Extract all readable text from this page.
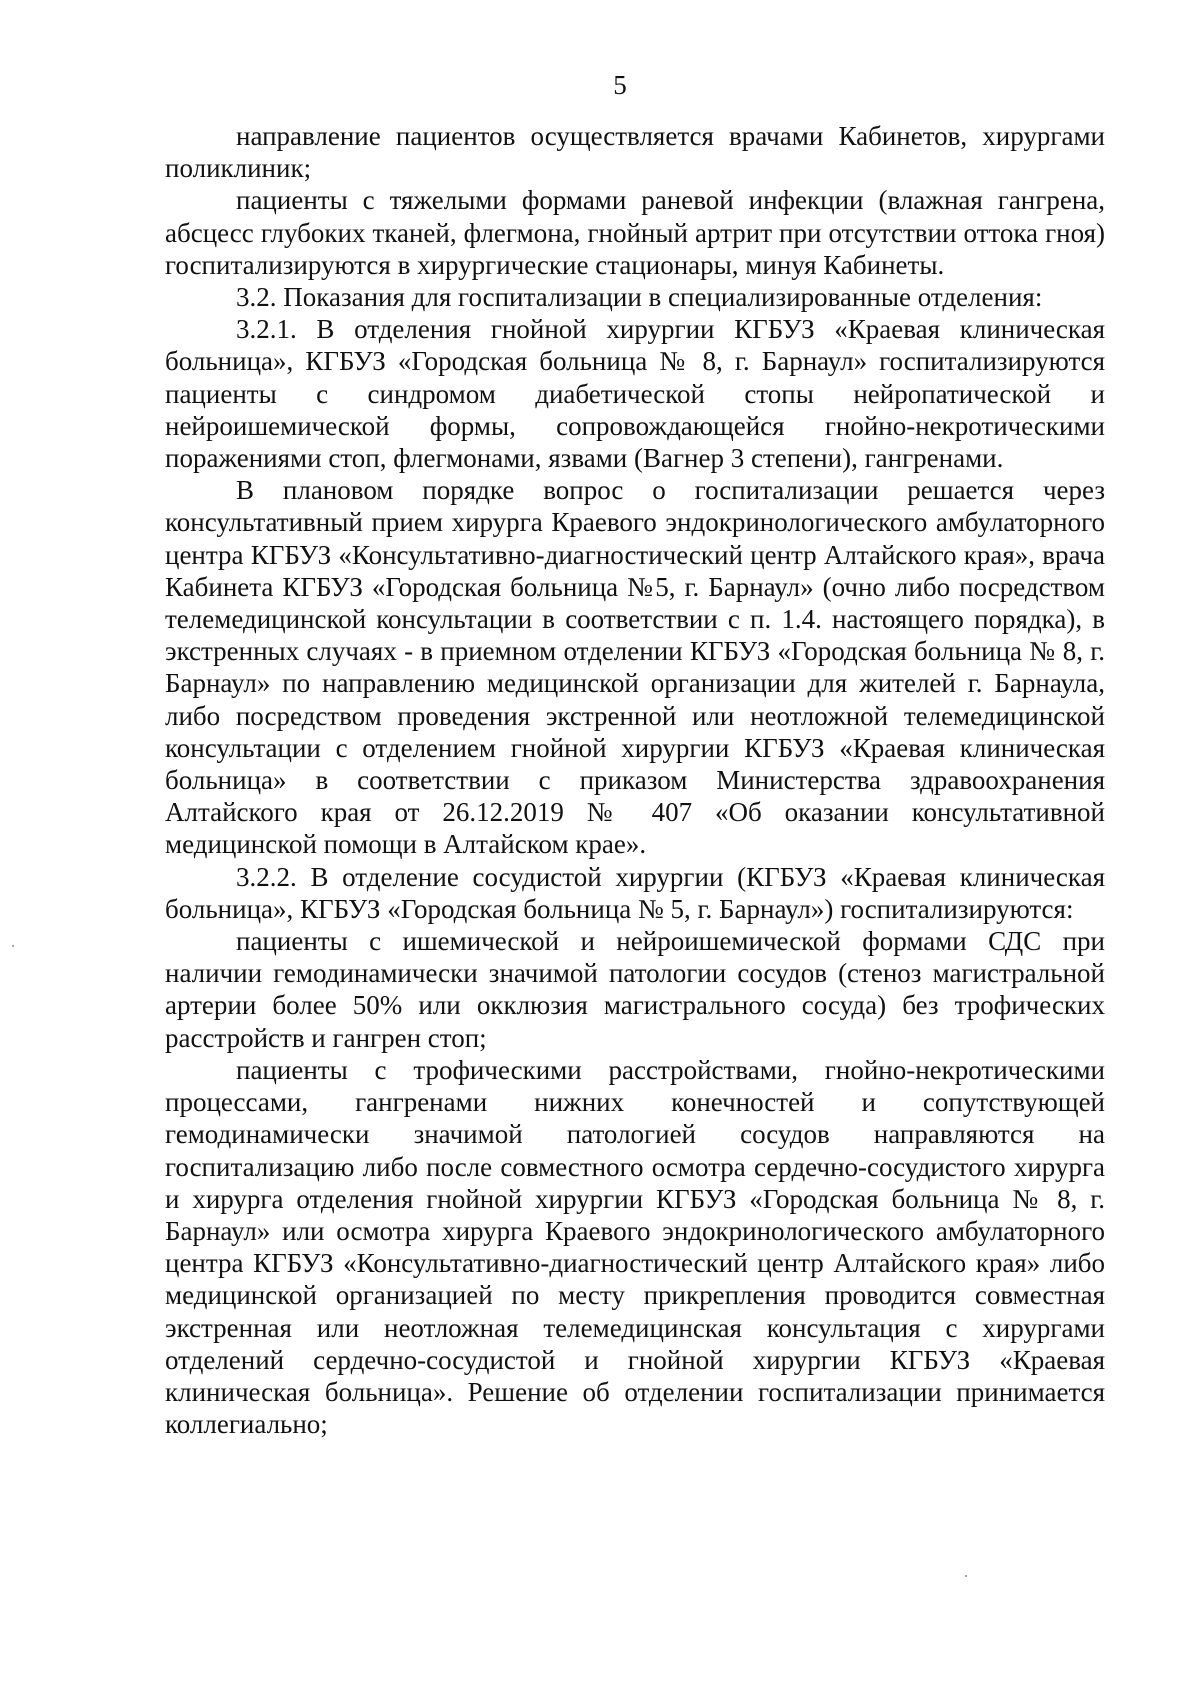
5

направление пациентов осуществляется врачами Кабинетов, хирургами поликлиник;

пациенты с тяжелыми формами раневой инфекции (влажная гангрена, абсцесс глубоких тканей, флегмона, гнойный артрит при отсутствии оттока гноя) госпитализируются в хирургические стационары, минуя Кабинеты.

3.2. Показания для госпитализации в специализированные отделения:

3.2.1. В отделения гнойной хирургии КГБУЗ «Краевая клиническая больница», КГБУЗ «Городская больница № 8, г. Барнаул» госпитализируются пациенты с синдромом диабетической стопы нейропатической и нейроишемической формы, сопровождающейся гнойно-некротическими поражениями стоп, флегмонами, язвами (Вагнер 3 степени), гангренами.

В плановом порядке вопрос о госпитализации решается через консультативный прием хирурга Краевого эндокринологического амбулаторного центра КГБУЗ «Консультативно-диагностический центр Алтайского края», врача Кабинета КГБУЗ «Городская больница №5, г. Барнаул» (очно либо посредством телемедицинской консультации в соответствии с п. 1.4. настоящего порядка), в экстренных случаях - в приемном отделении КГБУЗ «Городская больница № 8, г. Барнаул» по направлению медицинской организации для жителей г. Барнаула, либо посредством проведения экстренной или неотложной телемедицинской консультации с отделением гнойной хирургии КГБУЗ «Краевая клиническая больница» в соответствии с приказом Министерства здравоохранения Алтайского края от 26.12.2019 № 407 «Об оказании консультативной медицинской помощи в Алтайском крае».

3.2.2. В отделение сосудистой хирургии (КГБУЗ «Краевая клиническая больница», КГБУЗ «Городская больница № 5, г. Барнаул») госпитализируются:

пациенты с ишемической и нейроишемической формами СДС при наличии гемодинамически значимой патологии сосудов (стеноз магистральной артерии более 50% или окклюзия магистрального сосуда) без трофических расстройств и гангрен стоп;

пациенты с трофическими расстройствами, гнойно-некротическими процессами, гангренами нижних конечностей и сопутствующей гемодинамически значимой патологией сосудов направляются на госпитализацию либо после совместного осмотра сердечно-сосудистого хирурга и хирурга отделения гнойной хирургии КГБУЗ «Городская больница № 8, г. Барнаул» или осмотра хирурга Краевого эндокринологического амбулаторного центра КГБУЗ «Консультативно-диагностический центр Алтайского края» либо медицинской организацией по месту прикрепления проводится совместная экстренная или неотложная телемедицинская консультация с хирургами отделений сердечно-сосудистой и гнойной хирургии КГБУЗ «Краевая клиническая больница». Решение об отделении госпитализации принимается коллегиально;
